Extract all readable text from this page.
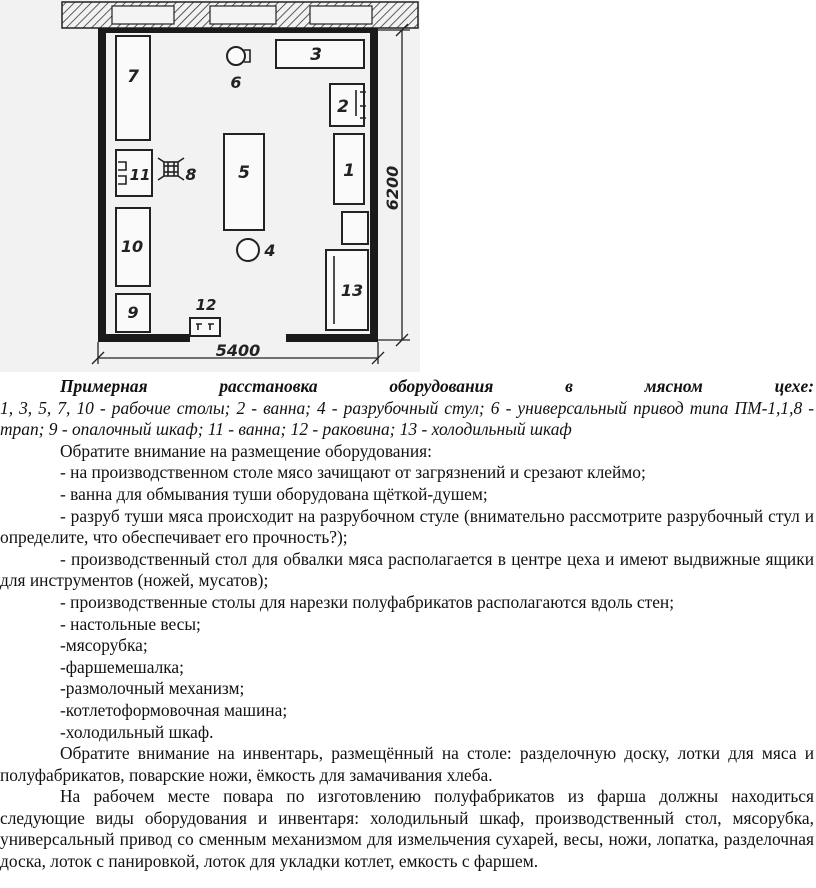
5400
6200
7
3
6
2
1
5
11 8
10	4
9	12
13
Примерная расстановка оборудования в мясном цехе:

1, 3, 5, 7, 10 - рабочие столы; 2 - ванна; 4 - разрубочный стул; 6 - универсальный привод типа ПМ-1,1,8 - трап; 9 - опалочный шкаф; 11 - ванна; 12 - раковина; 13 - холодильный шкаф

Обратите внимание на размещение оборудования:

- на производственном столе мясо зачищают от загрязнений и срезают клеймо;

- ванна для обмывания туши оборудована щёткой-душем;

- разруб туши мяса происходит на разрубочном стуле (внимательно рассмотрите разрубочный стул и определите, что обеспечивает его прочность?);

- производственный стол для обвалки мяса располагается в центре цеха и имеют выдвижные ящики для инструментов (ножей, мусатов);

- производственные столы для нарезки полуфабрикатов располагаются вдоль стен;

- настольные весы;

-мясорубка;

-фаршемешалка;

-размолочный механизм;

-котлетоформовочная машина;

-холодильный шкаф.

Обратите внимание на инвентарь, размещённый на столе: разделочную доску, лотки для мяса и полуфабрикатов, поварские ножи, ёмкость для замачивания хлеба.

На рабочем месте повара по изготовлению полуфабрикатов из фарша должны находиться следующие виды оборудования и инвентаря: холодильный шкаф, производственный стол, мясорубка, универсальный привод со сменным механизмом для измельчения сухарей, весы, ножи, лопатка, разделочная доска, лоток с панировкой, лоток для укладки котлет, емкость с фаршем.
